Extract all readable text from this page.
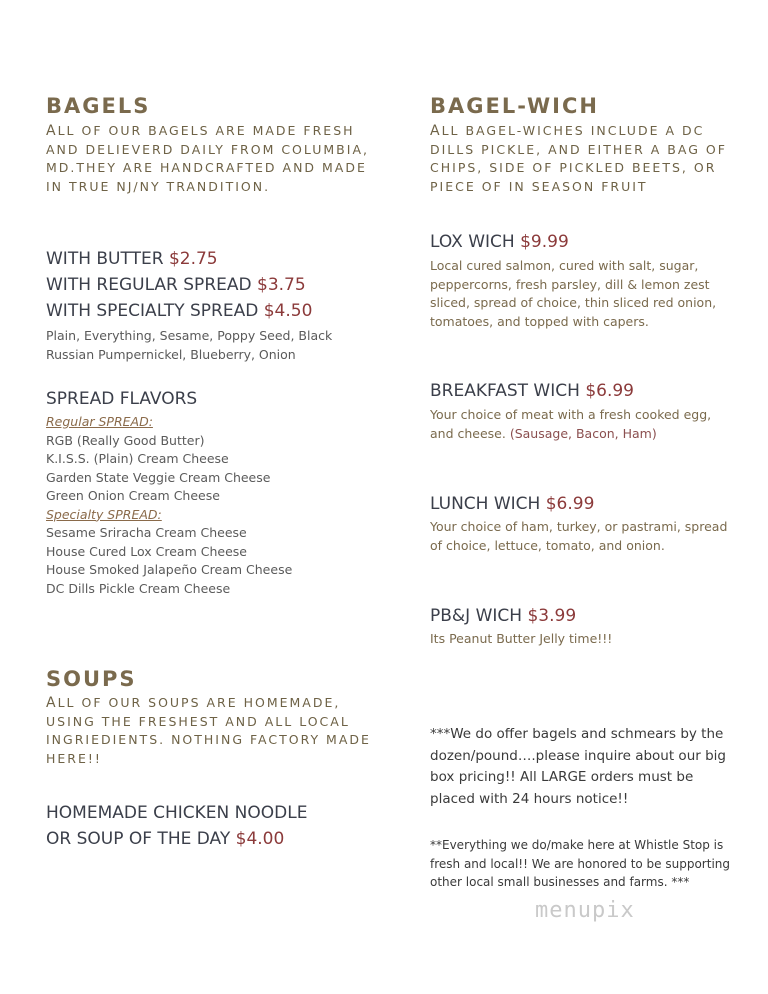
BAGELS
ALL OF OUR BAGELS ARE MADE FRESH AND DELIEVERD DAILY FROM COLUMBIA, MD.THEY ARE HANDCRAFTED AND MADE IN TRUE NJ/NY TRANDITION.
WITH BUTTER $2.75
WITH REGULAR SPREAD $3.75
WITH SPECIALTY SPREAD $4.50
Plain, Everything, Sesame, Poppy Seed, Black Russian Pumpernickel, Blueberry, Onion
SPREAD FLAVORS
Regular SPREAD:
RGB (Really Good Butter)
K.I.S.S. (Plain) Cream Cheese
Garden State Veggie Cream Cheese
Green Onion Cream Cheese
Specialty SPREAD:
Sesame Sriracha Cream Cheese
House Cured Lox Cream Cheese
House Smoked Jalapeño Cream Cheese
DC Dills Pickle Cream Cheese
SOUPS
ALL OF OUR SOUPS ARE HOMEMADE, USING THE FRESHEST AND ALL LOCAL INGRIEDIENTS. NOTHING FACTORY MADE HERE!!
HOMEMADE CHICKEN NOODLE
OR SOUP OF THE DAY $4.00
BAGEL-WICH
ALL BAGEL-WICHES INCLUDE A DC DILLS PICKLE, AND EITHER A BAG OF CHIPS, SIDE OF PICKLED BEETS, OR PIECE OF IN SEASON FRUIT
LOX WICH $9.99
Local cured salmon, cured with salt, sugar, peppercorns, fresh parsley, dill & lemon zest sliced, spread of choice, thin sliced red onion, tomatoes, and topped with capers.
BREAKFAST WICH $6.99
Your choice of meat with a fresh cooked egg, and cheese. (Sausage, Bacon, Ham)
LUNCH WICH $6.99
Your choice of ham, turkey, or pastrami, spread of choice, lettuce, tomato, and onion.
PB&J WICH $3.99
Its Peanut Butter Jelly time!!!
***We do offer bagels and schmears by the dozen/pound….please inquire about our big box pricing!! All LARGE orders must be placed with 24 hours notice!!
**Everything we do/make here at Whistle Stop is fresh and local!! We are honored to be supporting other local small businesses and farms. ***
menupix
